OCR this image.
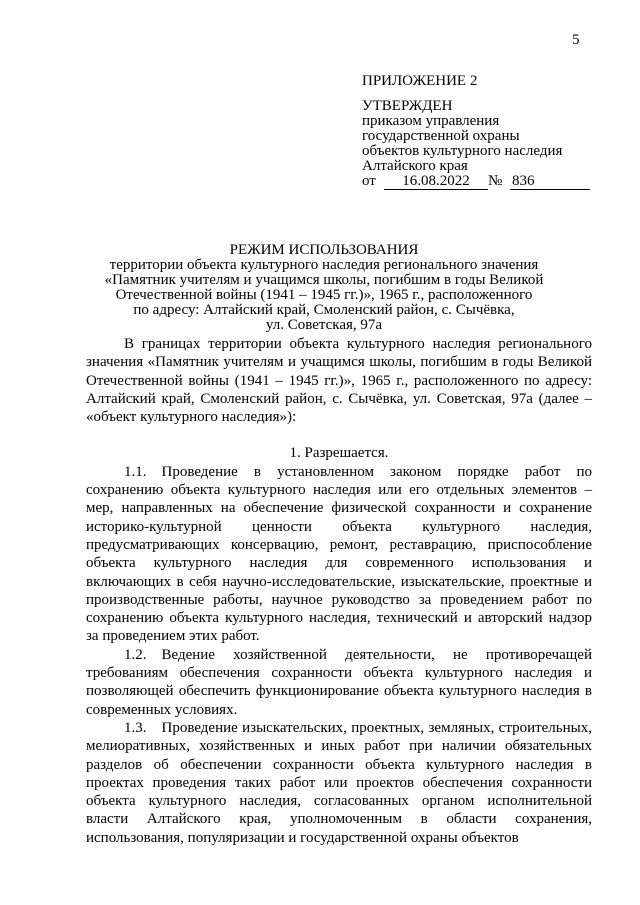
5
ПРИЛОЖЕНИЕ 2
УТВЕРЖДЕН
приказом управления
государственной охраны
объектов культурного наследия
Алтайского края
от	16.08.2022	№ 836
РЕЖИМ ИСПОЛЬЗОВАНИЯ
территории объекта культурного наследия регионального значения
«Памятник учителям и учащимся школы, погибшим в годы Великой
Отечественной войны (1941 – 1945 гг.)», 1965 г., расположенного
по адресу: Алтайский край, Смоленский район, с. Сычёвка,
ул. Советская, 97а

В границах территории объекта культурного наследия регионального значения «Памятник учителям и учащимся школы, погибшим в годы Великой Отечественной войны (1941 – 1945 гг.)», 1965 г., расположенного по адресу: Алтайский край, Смоленский район, с. Сычёвка, ул. Советская, 97а (далее – «объект культурного наследия»):

1. Разрешается.

1.1. Проведение в установленном законом порядке работ по сохранению объекта культурного наследия или его отдельных элементов – мер, направленных на обеспечение физической сохранности и сохранение историко-культурной ценности объекта культурного наследия, предусматривающих консервацию, ремонт, реставрацию, приспособление объекта культурного наследия для современного использования и включающих в себя научно-исследовательские, изыскательские, проектные и производственные работы, научное руководство за проведением работ по сохранению объекта культурного наследия, технический и авторский надзор за проведением этих работ.

1.2. Ведение хозяйственной деятельности, не противоречащей требованиям обеспечения сохранности объекта культурного наследия и позволяющей обеспечить функционирование объекта культурного наследия в современных условиях.

1.3. Проведение изыскательских, проектных, земляных, строительных, мелиоративных, хозяйственных и иных работ при наличии обязательных разделов об обеспечении сохранности объекта культурного наследия в проектах проведения таких работ или проектов обеспечения сохранности объекта культурного наследия, согласованных органом исполнительной власти Алтайского края, уполномоченным в области сохранения, использования, популяризации и государственной охраны объектов
